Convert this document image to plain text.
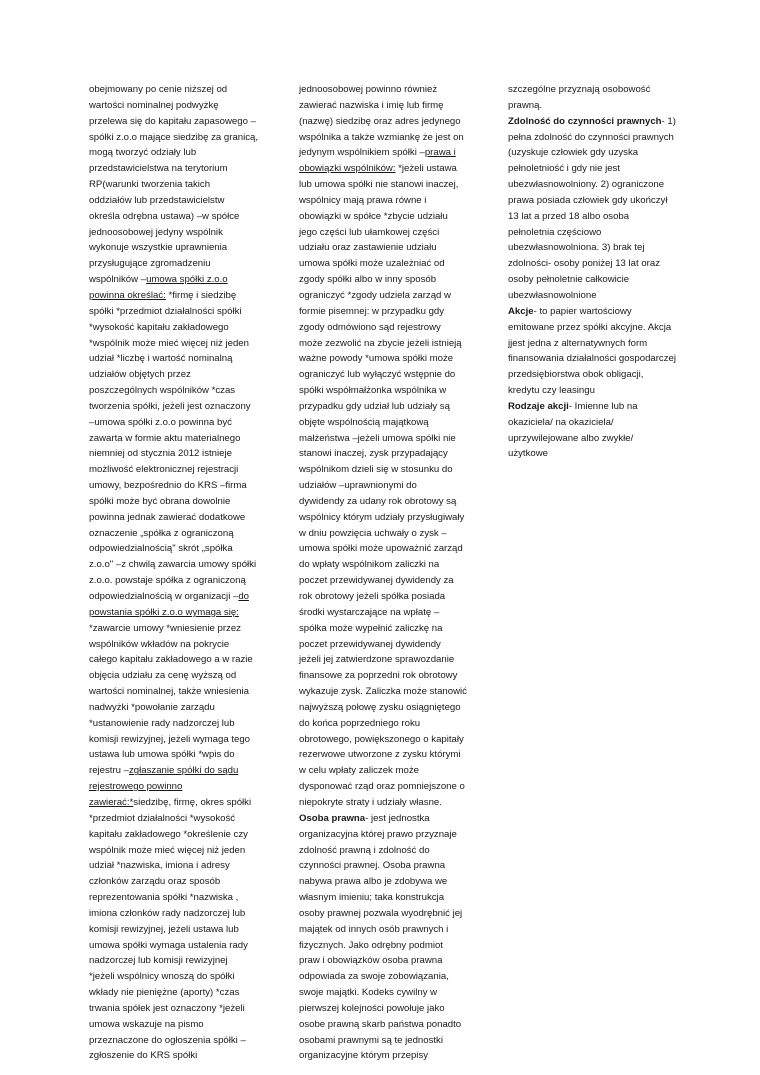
obejmowany po cenie niższej od

wartości nominalnej podwyżkę

przelewa się do kapitału zapasowego –

spółki z.o.o mające siedzibę za granicą,

mogą tworzyć odziały lub

przedstawicielstwa na terytorium

RP(warunki tworzenia takich

oddziałów lub przedstawicielstw

określa odrębna ustawa) –w spółce

jednoosobowej jedyny wspólnik

wykonuje wszystkie uprawnienia

przysługujące zgromadzeniu

wspólników –umowa spółki z.o.o

powinna określać: *firmę i siedzibę

spółki *przedmiot działalności spółki

*wysokość kapitału zakładowego

*wspólnik może mieć więcej niż jeden

udział *liczbę i wartość nominalną

udziałów objętych przez

poszczególnych wspólników *czas

tworzenia spółki, jeżeli jest oznaczony

–umowa spółki z.o.o powinna być

zawarta w formie aktu materialnego

niemniej od stycznia 2012 istnieje

możliwość elektronicznej rejestracji

umowy, bezpośrednio do KRS –firma

spółki może być obrana dowolnie

powinna jednak zawierać dodatkowe

oznaczenie „spółka z ograniczoną

odpowiedzialnością" skrót „spółka

z.o.o" –z chwilą zawarcia umowy spółki

z.o.o. powstaje spółka z ograniczoną

odpowiedzialnością w organizacji –do

powstania spółki z.o.o wymaga się:

*zawarcie umowy *wniesienie przez

wspólników wkładów na pokrycie

całego kapitału zakładowego a w razie

objęcia udziału za cenę wyższą od

wartości nominalnej, także wniesienia

nadwyżki *powołanie zarządu

*ustanowienie rady nadzorczej lub

komisji rewizyjnej, jeżeli wymaga tego

ustawa lub umowa spółki *wpis do

rejestru –zgłaszanie spółki do sądu

rejestrowego powinno

zawierać:*siedzibę, firmę, okres spółki

*przedmiot działalności *wysokość

kapitału zakładowego *określenie czy

wspólnik może mieć więcej niż jeden

udział *nazwiska, imiona i adresy

członków zarządu oraz sposób

reprezentowania spółki *nazwiska ,

imiona członków rady nadzorczej lub

komisji rewizyjnej, jeżeli ustawa lub

umowa spółki wymaga ustalenia rady

nadzorczej lub komisji rewizyjnej

*jeżeli wspólnicy wnoszą do spółki

wkłady nie pieniężne (aporty) *czas

trwania spółek jest oznaczony *jeżeli

umowa wskazuje na pismo

przeznaczone do ogłoszenia spółki –

zgłoszenie do KRS spółki

jednoosobowej powinno również

zawierać nazwiska i imię lub firmę

(nazwę) siedzibę oraz adres jedynego

wspólnika a także wzmiankę że jest on

jedynym wspólnikiem spółki –prawa i

obowiązki wspólników: *jeżeli ustawa

lub umowa spółki nie stanowi inaczej,

wspólnicy mają prawa równe i

obowiązki w spółce *zbycie udziału

jego części lub ułamkowej części

udziału oraz zastawienie udziału

umowa spółki może uzależniać od

zgody spółki albo w inny sposób

ograniczyć *zgody udziela zarząd w

formie pisemnej: w przypadku gdy

zgody odmówiono sąd rejestrowy

może zezwolić na zbycie jeżeli istnieją

ważne powody *umowa spółki może

ograniczyć lub wyłączyć wstępnie do

spółki współmałżonka wspólnika w

przypadku gdy udział lub udziały są

objęte wspólnością majątkową

małżeństwa –jeżeli umowa spółki nie

stanowi inaczej, zysk przypadający

wspólnikom dzieli się w stosunku do

udziałów –uprawnionymi do

dywidendy za udany rok obrotowy są

wspólnicy którym udziały przysługiwały

w dniu powzięcia uchwały o zysk –

umowa spółki może upoważnić zarząd

do wpłaty wspólnikom zaliczki na

poczet przewidywanej dywidendy za

rok obrotowy jeżeli spółka posiada

środki wystarczające na wpłatę –

spółka może wypełnić zaliczkę na

poczet przewidywanej dywidendy

jeżeli jej zatwierdzone sprawozdanie

finansowe za poprzedni rok obrotowy

wykazuje zysk. Zaliczka może stanowić

najwyższą połowę zysku osiągniętego

do końca poprzedniego roku

obrotowego, powiększonego o kapitały

rezerwowe utworzone z zysku którymi

w celu wpłaty zaliczek może

dysponować rząd oraz pomniejszone o

niepokryte straty i udziały własne.

Osoba prawna- jest jednostka

organizacyjna której prawo przyznaje

zdolność prawną i zdolność do

czynności prawnej. Osoba prawna

nabywa prawa albo je zdobywa we

własnym imieniu; taka konstrukcja

osoby prawnej pozwala wyodrębnić jej

majątek od innych osób prawnych i

fizycznych. Jako odrębny podmiot

praw i obowiązków osoba prawna

odpowiada za swoje zobowiązania,

swoje majątki. Kodeks cywilny w

pierwszej kolejności powołuje jako

osobe prawną skarb państwa ponadto

osobami prawnymi są te jednostki

organizacyjne którym przepisy

szczególne przyznają osobowość

prawną.

Zdolność do czynności prawnych- 1)

pełna zdolność do czynności prawnych

(uzyskuje człowiek gdy uzyska

pełnoletniość i gdy nie jest

ubezwłasnowolniony. 2) ograniczone

prawa posiada człowiek gdy ukończył

13 lat a przed 18 albo osoba

pełnoletnia częściowo

ubezwłasnowolniona. 3) brak tej

zdolności- osoby poniżej 13 lat oraz

osoby pełnoletnie całkowicie

ubezwłasnowolnione

Akcje- to papier wartościowy

emitowane przez spółki akcyjne. Akcja

jjest jedna z alternatywnych form

finansowania działalności gospodarczej

przedsiębiorstwa obok obligacji,

kredytu czy leasingu

Rodzaje akcji- Imienne lub na

okaziciela/ na okaziciela/

uprzywilejowane albo zwykłe/

użytkowe
